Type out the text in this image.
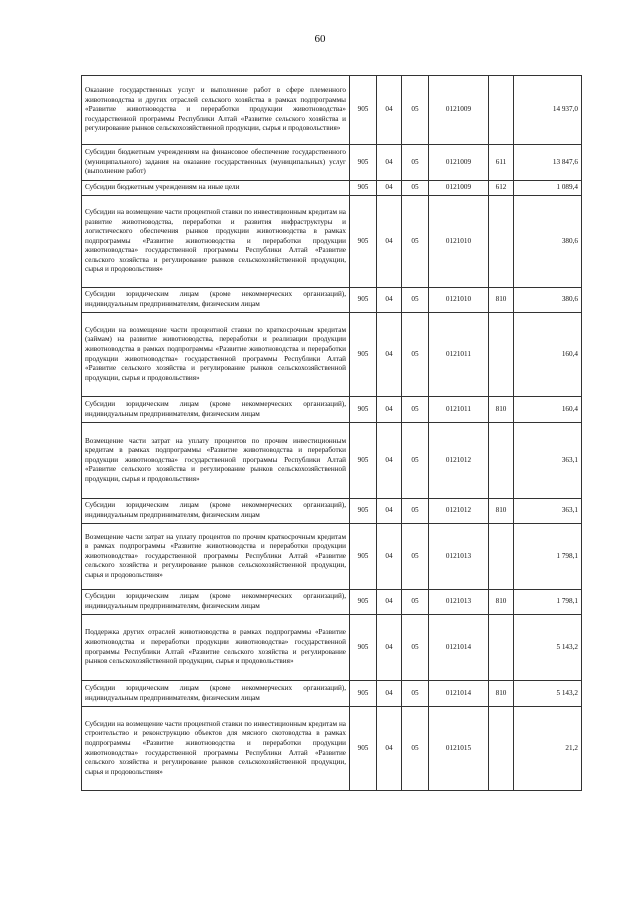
60
Оказание государственных услуг и выполнение работ в сфере племенного животноводства и других отраслей сельского хозяйства в рамках подпрограммы «Развитие животноводства и переработки продукции животноводства» государственной программы Республики Алтай «Развитие сельского хозяйства и регулирование рынков сельскохозяйственной продукции, сырья и продовольствия»	905	04	05	0121009		14 937,0
Субсидии бюджетным учреждениям на финансовое обеспечение государственного (муниципального) задания на оказание государственных (муниципальных) услуг (выполнение работ)	905	04	05	0121009	611	13 847,6
Субсидии бюджетным учреждениям на иные цели	905	04	05	0121009	612	1 089,4
Субсидии на возмещение части процентной ставки по инвестиционным кредитам на развитие животноводства, переработки и развития инфраструктуры и логистического обеспечения рынков продукции животноводства в рамках подпрограммы «Развитие животноводства и переработки продукции животноводства» государственной программы Республики Алтай «Развитие сельского хозяйства и регулирование рынков сельскохозяйственной продукции, сырья и продовольствия»	905	04	05	0121010		380,6
Субсидии юридическим лицам (кроме некоммерческих организаций), индивидуальным предпринимателям, физическим лицам	905	04	05	0121010	810	380,6
Субсидии на возмещение части процентной ставки по краткосрочным кредитам (займам) на развитие животноводства, переработки и реализации продукции животноводства в рамках подпрограммы «Развитие животноводства и переработки продукции животноводства» государственной программы Республики Алтай «Развитие сельского хозяйства и регулирование рынков сельскохозяйственной продукции, сырья и продовольствия»	905	04	05	0121011		160,4
Субсидии юридическим лицам (кроме некоммерческих организаций), индивидуальным предпринимателям, физическим лицам	905	04	05	0121011	810	160,4
Возмещение части затрат на уплату процентов по прочим инвестиционным кредитам в рамках подпрограммы «Развитие животноводства и переработки продукции животноводства» государственной программы Республики Алтай «Развитие сельского хозяйства и регулирование рынков сельскохозяйственной продукции, сырья и продовольствия»	905	04	05	0121012		363,1
Субсидии юридическим лицам (кроме некоммерческих организаций), индивидуальным предпринимателям, физическим лицам	905	04	05	0121012	810	363,1
Возмещение части затрат на уплату процентов по прочим краткосрочным кредитам в рамках подпрограммы «Развитие животноводства и переработки продукции животноводства» государственной программы Республики Алтай «Развитие сельского хозяйства и регулирование рынков сельскохозяйственной продукции, сырья и продовольствия»	905	04	05	0121013		1 798,1
Субсидии юридическим лицам (кроме некоммерческих организаций), индивидуальным предпринимателям, физическим лицам	905	04	05	0121013	810	1 798,1
Поддержка других отраслей животноводства в рамках подпрограммы «Развитие животноводства и переработки продукции животноводства» государственной программы Республики Алтай «Развитие сельского хозяйства и регулирование рынков сельскохозяйственной продукции, сырья и продовольствия»	905	04	05	0121014		5 143,2
Субсидии юридическим лицам (кроме некоммерческих организаций), индивидуальным предпринимателям, физическим лицам	905	04	05	0121014	810	5 143,2
Субсидии на возмещение части процентной ставки по инвестиционным кредитам на строительство и реконструкцию объектов для мясного скотоводства в рамках подпрограммы «Развитие животноводства и переработки продукции животноводства» государственной программы Республики Алтай «Развитие сельского хозяйства и регулирование рынков сельскохозяйственной продукции, сырья и продовольствия»	905	04	05	0121015		21,2
